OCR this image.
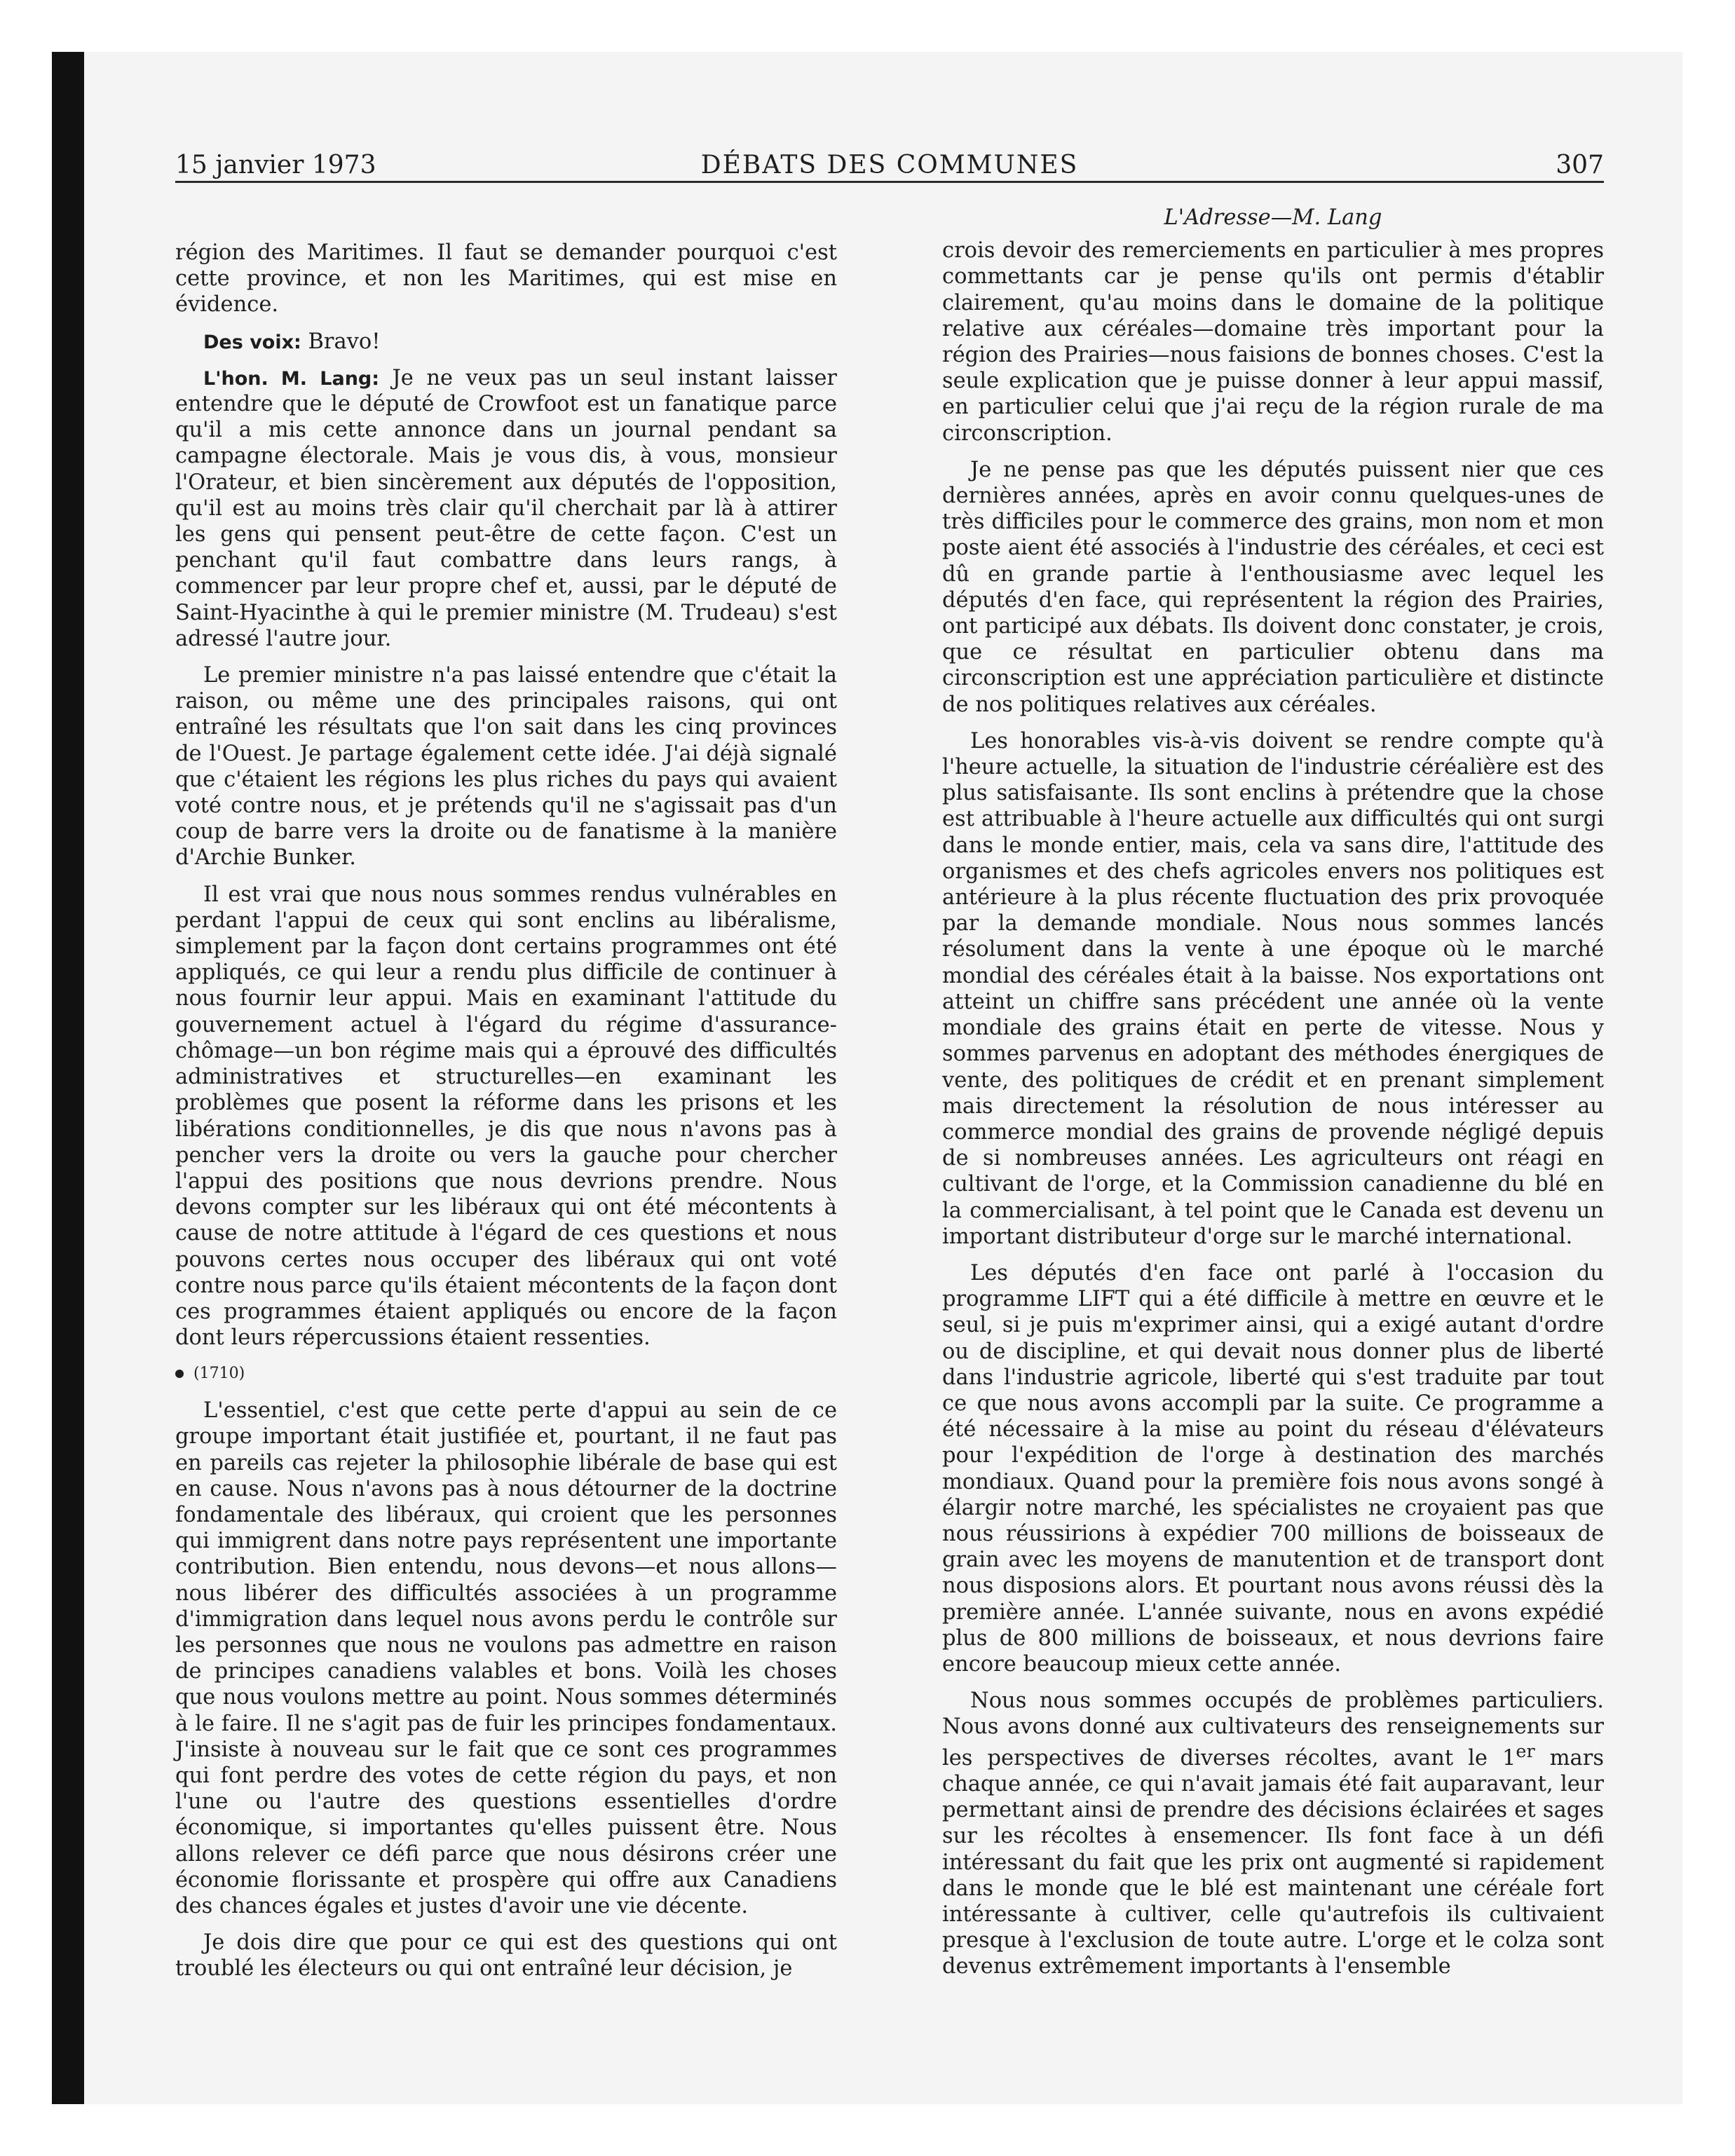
15 janvier 1973	DÉBATS DES COMMUNES	307

région des Maritimes. Il faut se demander pourquoi c'est cette province, et non les Maritimes, qui est mise en évidence.

Des voix: Bravo!

L'hon. M. Lang: Je ne veux pas un seul instant laisser entendre que le député de Crowfoot est un fanatique parce qu'il a mis cette annonce dans un journal pendant sa campagne électorale. Mais je vous dis, à vous, monsieur l'Orateur, et bien sincèrement aux députés de l'opposition, qu'il est au moins très clair qu'il cherchait par là à attirer les gens qui pensent peut-être de cette façon. C'est un penchant qu'il faut combattre dans leurs rangs, à commencer par leur propre chef et, aussi, par le député de Saint-Hyacinthe à qui le premier ministre (M. Trudeau) s'est adressé l'autre jour.

Le premier ministre n'a pas laissé entendre que c'était la raison, ou même une des principales raisons, qui ont entraîné les résultats que l'on sait dans les cinq provinces de l'Ouest. Je partage également cette idée. J'ai déjà signalé que c'étaient les régions les plus riches du pays qui avaient voté contre nous, et je prétends qu'il ne s'agissait pas d'un coup de barre vers la droite ou de fanatisme à la manière d'Archie Bunker.

Il est vrai que nous nous sommes rendus vulnérables en perdant l'appui de ceux qui sont enclins au libéralisme, simplement par la façon dont certains programmes ont été appliqués, ce qui leur a rendu plus difficile de continuer à nous fournir leur appui. Mais en examinant l'attitude du gouvernement actuel à l'égard du régime d'assurance-chômage—un bon régime mais qui a éprouvé des difficultés administratives et structurelles—en examinant les problèmes que posent la réforme dans les prisons et les libérations conditionnelles, je dis que nous n'avons pas à pencher vers la droite ou vers la gauche pour chercher l'appui des positions que nous devrions prendre. Nous devons compter sur les libéraux qui ont été mécontents à cause de notre attitude à l'égard de ces questions et nous pouvons certes nous occuper des libéraux qui ont voté contre nous parce qu'ils étaient mécontents de la façon dont ces programmes étaient appliqués ou encore de la façon dont leurs répercussions étaient ressenties.

(1710)

L'essentiel, c'est que cette perte d'appui au sein de ce groupe important était justifiée et, pourtant, il ne faut pas en pareils cas rejeter la philosophie libérale de base qui est en cause. Nous n'avons pas à nous détourner de la doctrine fondamentale des libéraux, qui croient que les personnes qui immigrent dans notre pays représentent une importante contribution. Bien entendu, nous devons—et nous allons—nous libérer des difficultés associées à un programme d'immigration dans lequel nous avons perdu le contrôle sur les personnes que nous ne voulons pas admettre en raison de principes canadiens valables et bons. Voilà les choses que nous voulons mettre au point. Nous sommes déterminés à le faire. Il ne s'agit pas de fuir les principes fondamentaux. J'insiste à nouveau sur le fait que ce sont ces programmes qui font perdre des votes de cette région du pays, et non l'une ou l'autre des questions essentielles d'ordre économique, si importantes qu'elles puissent être. Nous allons relever ce défi parce que nous désirons créer une économie florissante et prospère qui offre aux Canadiens des chances égales et justes d'avoir une vie décente.

Je dois dire que pour ce qui est des questions qui ont troublé les électeurs ou qui ont entraîné leur décision, je

L'Adresse—M. Lang

crois devoir des remerciements en particulier à mes propres commettants car je pense qu'ils ont permis d'établir clairement, qu'au moins dans le domaine de la politique relative aux céréales—domaine très important pour la région des Prairies—nous faisions de bonnes choses. C'est la seule explication que je puisse donner à leur appui massif, en particulier celui que j'ai reçu de la région rurale de ma circonscription.

Je ne pense pas que les députés puissent nier que ces dernières années, après en avoir connu quelques-unes de très difficiles pour le commerce des grains, mon nom et mon poste aient été associés à l'industrie des céréales, et ceci est dû en grande partie à l'enthousiasme avec lequel les députés d'en face, qui représentent la région des Prairies, ont participé aux débats. Ils doivent donc constater, je crois, que ce résultat en particulier obtenu dans ma circonscription est une appréciation particulière et distincte de nos politiques relatives aux céréales.

Les honorables vis-à-vis doivent se rendre compte qu'à l'heure actuelle, la situation de l'industrie céréalière est des plus satisfaisante. Ils sont enclins à prétendre que la chose est attribuable à l'heure actuelle aux difficultés qui ont surgi dans le monde entier, mais, cela va sans dire, l'attitude des organismes et des chefs agricoles envers nos politiques est antérieure à la plus récente fluctuation des prix provoquée par la demande mondiale. Nous nous sommes lancés résolument dans la vente à une époque où le marché mondial des céréales était à la baisse. Nos exportations ont atteint un chiffre sans précédent une année où la vente mondiale des grains était en perte de vitesse. Nous y sommes parvenus en adoptant des méthodes énergiques de vente, des politiques de crédit et en prenant simplement mais directement la résolution de nous intéresser au commerce mondial des grains de provende négligé depuis de si nombreuses années. Les agriculteurs ont réagi en cultivant de l'orge, et la Commission canadienne du blé en la commercialisant, à tel point que le Canada est devenu un important distributeur d'orge sur le marché international.

Les députés d'en face ont parlé à l'occasion du programme LIFT qui a été difficile à mettre en œuvre et le seul, si je puis m'exprimer ainsi, qui a exigé autant d'ordre ou de discipline, et qui devait nous donner plus de liberté dans l'industrie agricole, liberté qui s'est traduite par tout ce que nous avons accompli par la suite. Ce programme a été nécessaire à la mise au point du réseau d'élévateurs pour l'expédition de l'orge à destination des marchés mondiaux. Quand pour la première fois nous avons songé à élargir notre marché, les spécialistes ne croyaient pas que nous réussirions à expédier 700 millions de boisseaux de grain avec les moyens de manutention et de transport dont nous disposions alors. Et pourtant nous avons réussi dès la première année. L'année suivante, nous en avons expédié plus de 800 millions de boisseaux, et nous devrions faire encore beaucoup mieux cette année.

Nous nous sommes occupés de problèmes particuliers. Nous avons donné aux cultivateurs des renseignements sur les perspectives de diverses récoltes, avant le 1er mars chaque année, ce qui n'avait jamais été fait auparavant, leur permettant ainsi de prendre des décisions éclairées et sages sur les récoltes à ensemencer. Ils font face à un défi intéressant du fait que les prix ont augmenté si rapidement dans le monde que le blé est maintenant une céréale fort intéressante à cultiver, celle qu'autrefois ils cultivaient presque à l'exclusion de toute autre. L'orge et le colza sont devenus extrêmement importants à l'ensemble
